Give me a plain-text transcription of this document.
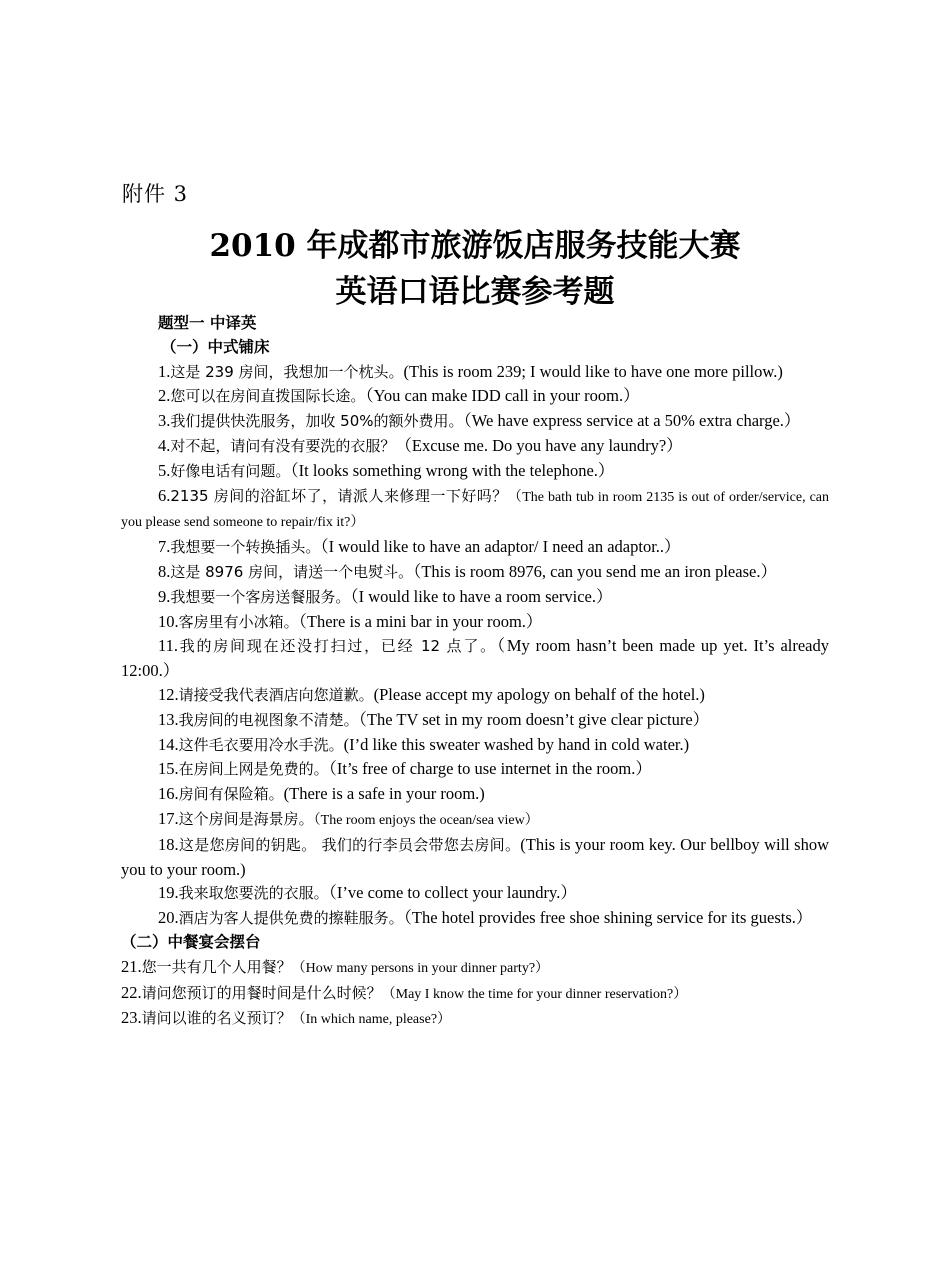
附件 3
2010 年成都市旅游饭店服务技能大赛
英语口语比赛参考题
题型一 中译英
（一）中式铺床
1.这是 239 房间，我想加一个枕头。(This is room 239; I would like to have one more pillow.)
2.您可以在房间直拨国际长途。（You can make IDD call in your room.）
3.我们提供快洗服务，加收 50%的额外费用。（We have express service at a 50% extra charge.）
4.对不起，请问有没有要洗的衣服？（Excuse me. Do you have any laundry?）
5.好像电话有问题。（It looks something wrong with the telephone.）
6.2135 房间的浴缸坏了，请派人来修理一下好吗？（The bath tub in room 2135 is out of order/service, can you please send someone to repair/fix it?）
7.我想要一个转换插头。（I would like to have an adaptor/ I need an adaptor..）
8.这是 8976 房间，请送一个电熨斗。（This is room 8976, can you send me an iron please.）
9.我想要一个客房送餐服务。（I would like to have a room service.）
10.客房里有小冰箱。（There is a mini bar in your room.）
11.我的房间现在还没打扫过，已经 12 点了。（My room hasn’t been made up yet. It’s already 12:00.）
12.请接受我代表酒店向您道歉。(Please accept my apology on behalf of the hotel.)
13.我房间的电视图象不清楚。（The TV set in my room doesn’t give clear picture）
14.这件毛衣要用冷水手洗。(I’d like this sweater washed by hand in cold water.)
15.在房间上网是免费的。（It’s free of charge to use internet in the room.）
16.房间有保险箱。(There is a safe in your room.)
17.这个房间是海景房。（The room enjoys the ocean/sea view）
18.这是您房间的钥匙。 我们的行李员会带您去房间。(This is your room key. Our bellboy will show you to your room.)
19.我来取您要洗的衣服。（I’ve come to collect your laundry.）
20.酒店为客人提供免费的擦鞋服务。（The hotel provides free shoe shining service for its guests.）
（二）中餐宴会摆台
21.您一共有几个人用餐？（How many persons in your dinner party?）
22.请问您预订的用餐时间是什么时候？（May I know the time for your dinner reservation?）
23.请问以谁的名义预订？（In which name, please?）
